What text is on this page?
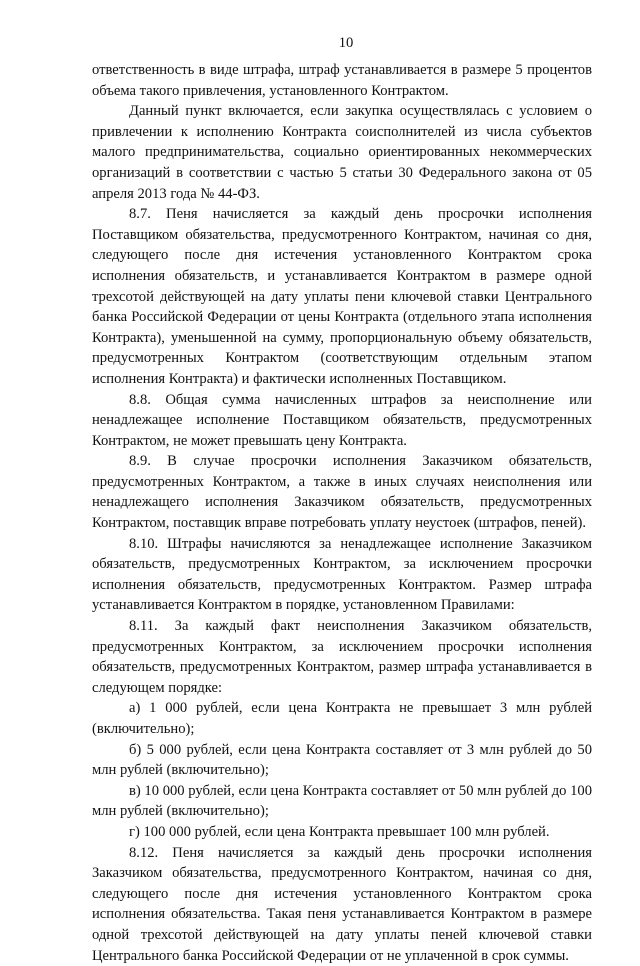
10

ответственность в виде штрафа, штраф устанавливается в размере 5 процентов объема такого привлечения, установленного Контрактом.

Данный пункт включается, если закупка осуществлялась с условием о привлечении к исполнению Контракта соисполнителей из числа субъектов малого предпринимательства, социально ориентированных некоммерческих организаций в соответствии с частью 5 статьи 30 Федерального закона от 05 апреля 2013 года № 44-ФЗ.

8.7. Пеня начисляется за каждый день просрочки исполнения Поставщиком обязательства, предусмотренного Контрактом, начиная со дня, следующего после дня истечения установленного Контрактом срока исполнения обязательств, и устанавливается Контрактом в размере одной трехсотой действующей на дату уплаты пени ключевой ставки Центрального банка Российской Федерации от цены Контракта (отдельного этапа исполнения Контракта), уменьшенной на сумму, пропорциональную объему обязательств, предусмотренных Контрактом (соответствующим отдельным этапом исполнения Контракта) и фактически исполненных Поставщиком.

8.8. Общая сумма начисленных штрафов за неисполнение или ненадлежащее исполнение Поставщиком обязательств, предусмотренных Контрактом, не может превышать цену Контракта.

8.9. В случае просрочки исполнения Заказчиком обязательств, предусмотренных Контрактом, а также в иных случаях неисполнения или ненадлежащего исполнения Заказчиком обязательств, предусмотренных Контрактом, поставщик вправе потребовать уплату неустоек (штрафов, пеней).

8.10. Штрафы начисляются за ненадлежащее исполнение Заказчиком обязательств, предусмотренных Контрактом, за исключением просрочки исполнения обязательств, предусмотренных Контрактом. Размер штрафа устанавливается Контрактом в порядке, установленном Правилами:

8.11. За каждый факт неисполнения Заказчиком обязательств, предусмотренных Контрактом, за исключением просрочки исполнения обязательств, предусмотренных Контрактом, размер штрафа устанавливается в следующем порядке:

а) 1 000 рублей, если цена Контракта не превышает 3 млн рублей (включительно);

б) 5 000 рублей, если цена Контракта составляет от 3 млн рублей до 50 млн рублей (включительно);

в) 10 000 рублей, если цена Контракта составляет от 50 млн рублей до 100 млн рублей (включительно);

г) 100 000 рублей, если цена Контракта превышает 100 млн рублей.

8.12. Пеня начисляется за каждый день просрочки исполнения Заказчиком обязательства, предусмотренного Контрактом, начиная со дня, следующего после дня истечения установленного Контрактом срока исполнения обязательства. Такая пеня устанавливается Контрактом в размере одной трехсотой действующей на дату уплаты пеней ключевой ставки Центрального банка Российской Федерации от не уплаченной в срок суммы.
